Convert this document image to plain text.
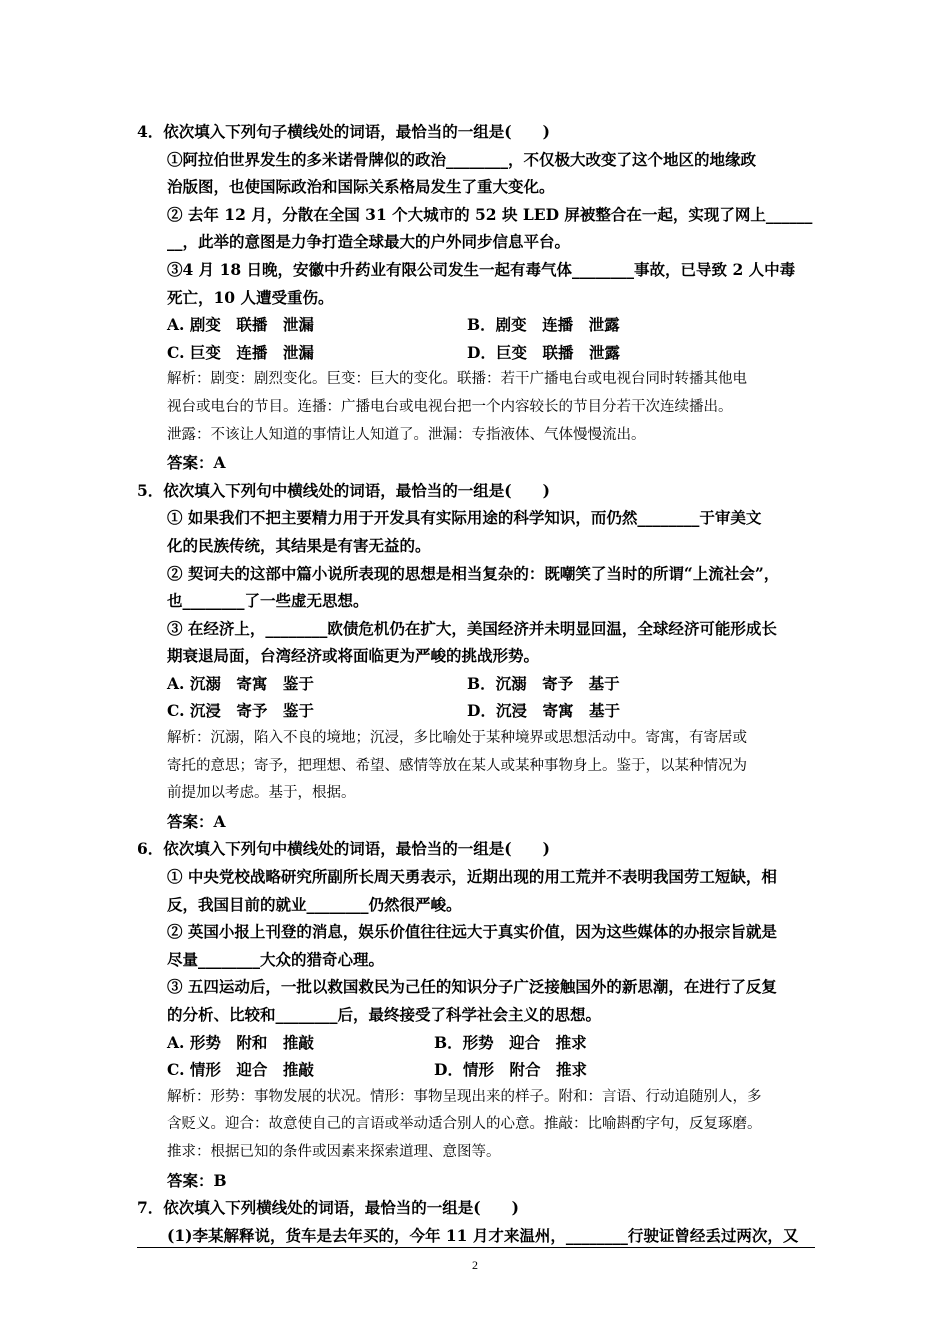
4．依次填入下列句子横线处的词语，最恰当的一组是(　　)
①阿拉伯世界发生的多米诺骨牌似的政治________，不仅极大改变了这个地区的地缘政
治版图，也使国际政治和国际关系格局发生了重大变化。
② 去年 12 月，分散在全国 31 个大城市的 52 块 LED 屏被整合在一起，实现了网上______
__，此举的意图是力争打造全球最大的户外同步信息平台。
③4 月 18 日晚，安徽中升药业有限公司发生一起有毒气体________事故，已导致 2 人中毒
死亡，10 人遭受重伤。
A. 剧变　联播　泄漏	B．剧变　连播　泄露
C. 巨变　连播　泄漏	D．巨变　联播　泄露
解析：剧变：剧烈变化。巨变：巨大的变化。联播：若干广播电台或电视台同时转播其他电
视台或电台的节目。连播：广播电台或电视台把一个内容较长的节目分若干次连续播出。
泄露：不该让人知道的事情让人知道了。泄漏：专指液体、气体慢慢流出。
答案：A
5．依次填入下列句中横线处的词语，最恰当的一组是(　　)
① 如果我们不把主要精力用于开发具有实际用途的科学知识，而仍然________于审美文
化的民族传统，其结果是有害无益的。
② 契诃夫的这部中篇小说所表现的思想是相当复杂的：既嘲笑了当时的所谓“上流社会”，
也________了一些虚无思想。
③ 在经济上，________欧债危机仍在扩大，美国经济并未明显回温，全球经济可能形成长
期衰退局面，台湾经济或将面临更为严峻的挑战形势。
A. 沉溺　寄寓　鉴于	B．沉溺　寄予　基于
C. 沉浸　寄予　鉴于	D．沉浸　寄寓　基于
解析：沉溺，陷入不良的境地；沉浸，多比喻处于某种境界或思想活动中。寄寓，有寄居或
寄托的意思；寄予，把理想、希望、感情等放在某人或某种事物身上。鉴于，以某种情况为
前提加以考虑。基于，根据。
答案：A
6．依次填入下列句中横线处的词语，最恰当的一组是(　　)
① 中央党校战略研究所副所长周天勇表示，近期出现的用工荒并不表明我国劳工短缺，相
反，我国目前的就业________仍然很严峻。
② 英国小报上刊登的消息，娱乐价值往往远大于真实价值，因为这些媒体的办报宗旨就是
尽量________大众的猎奇心理。
③ 五四运动后，一批以救国救民为己任的知识分子广泛接触国外的新思潮，在进行了反复
的分析、比较和________后，最终接受了科学社会主义的思想。
A. 形势　附和　推敲	B．形势　迎合　推求
C. 情形　迎合　推敲	D．情形　附合　推求
解析：形势：事物发展的状况。情形：事物呈现出来的样子。附和：言语、行动追随别人，多
含贬义。迎合：故意使自己的言语或举动适合别人的心意。推敲：比喻斟酌字句，反复琢磨。
推求：根据已知的条件或因素来探索道理、意图等。
答案：B
7．依次填入下列横线处的词语，最恰当的一组是(　　)
(1)李某解释说，货车是去年买的，今年 11 月才来温州，________行驶证曾经丢过两次，又
2
